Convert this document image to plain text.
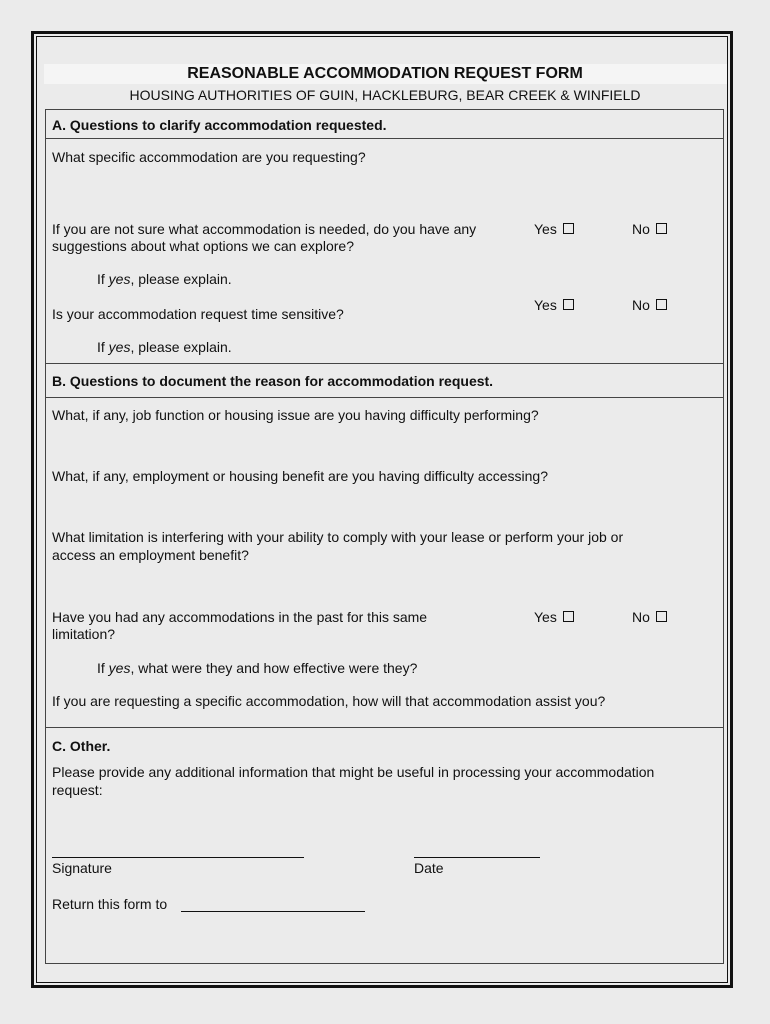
REASONABLE ACCOMMODATION REQUEST FORM
HOUSING AUTHORITIES OF GUIN, HACKLEBURG, BEAR CREEK & WINFIELD
A. Questions to clarify accommodation requested.
What specific accommodation are you requesting?
If you are not sure what accommodation is needed, do you have any
suggestions about what options we can explore?
Yes	No
If yes, please explain.
Is your accommodation request time sensitive?
Yes	No
If yes, please explain.
B. Questions to document the reason for accommodation request.
What, if any, job function or housing issue are you having difficulty performing?
What, if any, employment or housing benefit are you having difficulty accessing?
What limitation is interfering with your ability to comply with your lease or perform your job or
access an employment benefit?
Have you had any accommodations in the past for this same
limitation?
Yes	No
If yes, what were they and how effective were they?
If you are requesting a specific accommodation, how will that accommodation assist you?
C. Other.
Please provide any additional information that might be useful in processing your accommodation
request:
Signature	Date
Return this form to
